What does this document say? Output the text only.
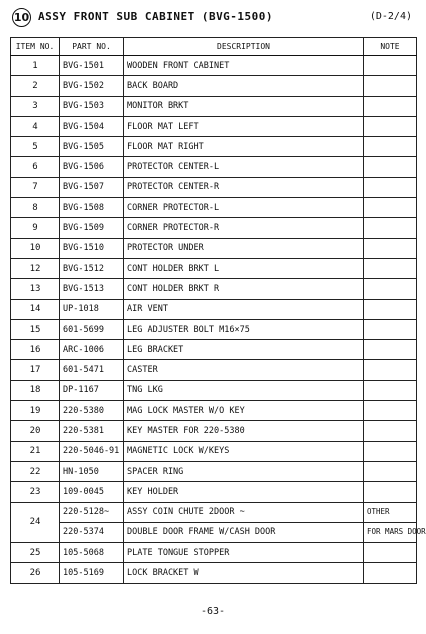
10 ASSY FRONT SUB CABINET (BVG-1500)	(D-2/4)
ITEM NO.	PART NO.	DESCRIPTION	NOTE
1	BVG-1501	WOODEN FRONT CABINET	
2	BVG-1502	BACK BOARD	
3	BVG-1503	MONITOR BRKT	
4	BVG-1504	FLOOR MAT LEFT	
5	BVG-1505	FLOOR MAT RIGHT	
6	BVG-1506	PROTECTOR CENTER-L	
7	BVG-1507	PROTECTOR CENTER-R	
8	BVG-1508	CORNER PROTECTOR-L	
9	BVG-1509	CORNER PROTECTOR-R	
10	BVG-1510	PROTECTOR UNDER	
12	BVG-1512	CONT HOLDER BRKT L	
13	BVG-1513	CONT HOLDER BRKT R	
14	UP-1018	AIR VENT	
15	601-5699	LEG ADJUSTER BOLT M16×75	
16	ARC-1006	LEG BRACKET	
17	601-5471	CASTER	
18	DP-1167	TNG LKG	
19	220-5380	MAG LOCK MASTER W/O KEY	
20	220-5381	KEY MASTER FOR 220-5380	
21	220-5046-91	MAGNETIC LOCK W/KEYS	
22	HN-1050	SPACER RING	
23	109-0045	KEY HOLDER	
24	220-5128~	ASSY COIN CHUTE 2DOOR ~	OTHER
	220-5374	DOUBLE DOOR FRAME W/CASH DOOR	FOR MARS DOOR
25	105-5068	PLATE TONGUE STOPPER	
26	105-5169	LOCK BRACKET W	
-63-
